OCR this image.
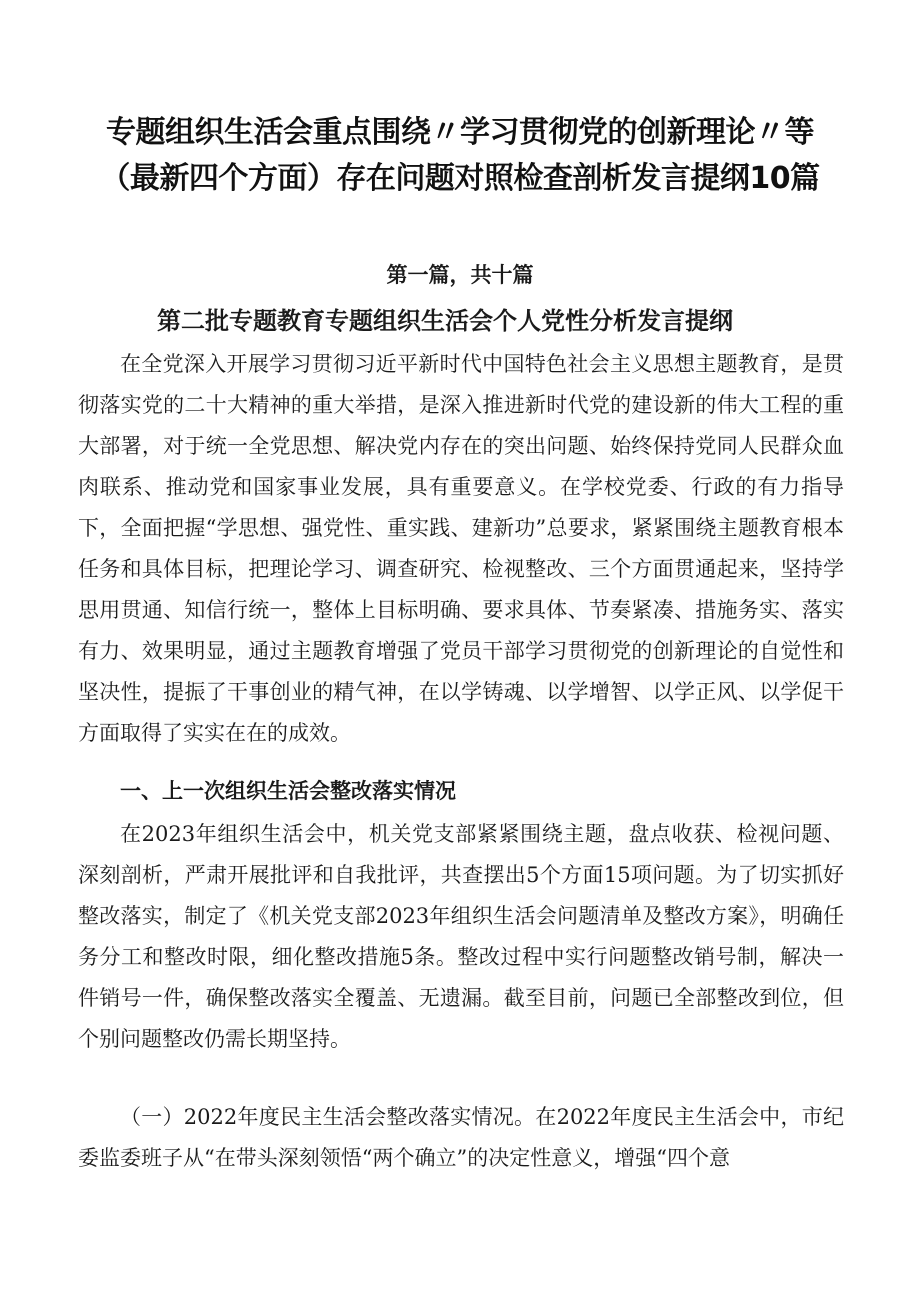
专题组织生活会重点围绕〃学习贯彻党的创新理论〃等
（最新四个方面）存在问题对照检查剖析发言提纲10篇
第一篇，共十篇
第二批专题教育专题组织生活会个人党性分析发言提纲

在全党深入开展学习贯彻习近平新时代中国特色社会主义思想主题教育，是贯彻落实党的二十大精神的重大举措，是深入推进新时代党的建设新的伟大工程的重大部署，对于统一全党思想、解决党内存在的突出问题、始终保持党同人民群众血肉联系、推动党和国家事业发展，具有重要意义。在学校党委、行政的有力指导下，全面把握“学思想、强党性、重实践、建新功”总要求，紧紧围绕主题教育根本任务和具体目标，把理论学习、调查研究、检视整改、三个方面贯通起来，坚持学思用贯通、知信行统一，整体上目标明确、要求具体、节奏紧凑、措施务实、落实有力、效果明显，通过主题教育增强了党员干部学习贯彻党的创新理论的自觉性和坚决性，提振了干事创业的精气神，在以学铸魂、以学增智、以学正风、以学促干方面取得了实实在在的成效。

一、上一次组织生活会整改落实情况

在2023年组织生活会中，机关党支部紧紧围绕主题，盘点收获、检视问题、深刻剖析，严肃开展批评和自我批评，共查摆出5个方面15项问题。为了切实抓好整改落实，制定了《机关党支部2023年组织生活会问题清单及整改方案》，明确任务分工和整改时限，细化整改措施5条。整改过程中实行问题整改销号制，解决一件销号一件，确保整改落实全覆盖、无遗漏。截至目前，问题已全部整改到位，但个别问题整改仍需长期坚持。

（一）2022年度民主生活会整改落实情况。在2022年度民主生活会中，市纪委监委班子从“在带头深刻领悟“两个确立”的决定性意义，增强“四个意
